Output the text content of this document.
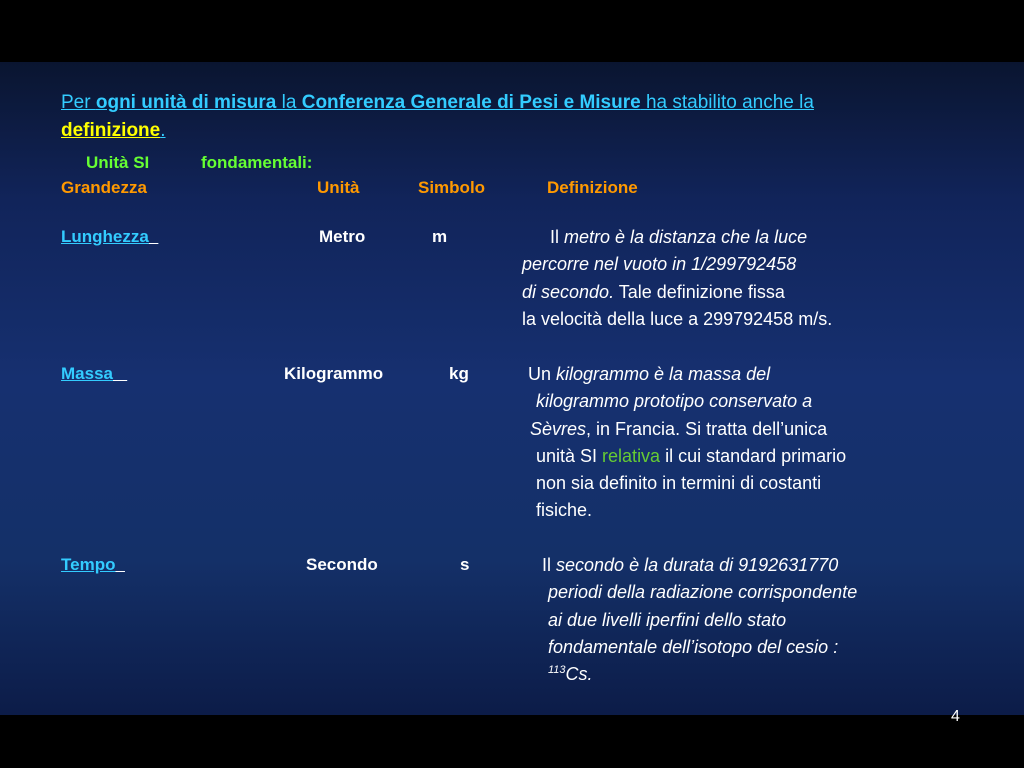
Per ogni unità di misura la Conferenza Generale di Pesi e Misure ha stabilito anche la definizione.
Unità SI	fondamentali:
Grandezza	Unità	Simbolo	Definizione
Lunghezza	Metro	m	Il metro è la distanza che la luce
percorre nel vuoto in 1/299792458
di secondo. Tale definizione fissa
la velocità della luce a 299792458 m/s.
Massa	Kilogrammo	kg	Un kilogrammo è la massa del
kilogrammo prototipo conservato a
Sèvres, in Francia. Si tratta dell’unica
unità SI relativa il cui standard primario
non sia definito in termini di costanti
fisiche.
Tempo	Secondo	s	Il secondo è la durata di 9192631770
periodi della radiazione corrispondente
ai due livelli iperfini dello stato
fondamentale dell’isotopo del cesio :
$^{113}$Cs.
4
